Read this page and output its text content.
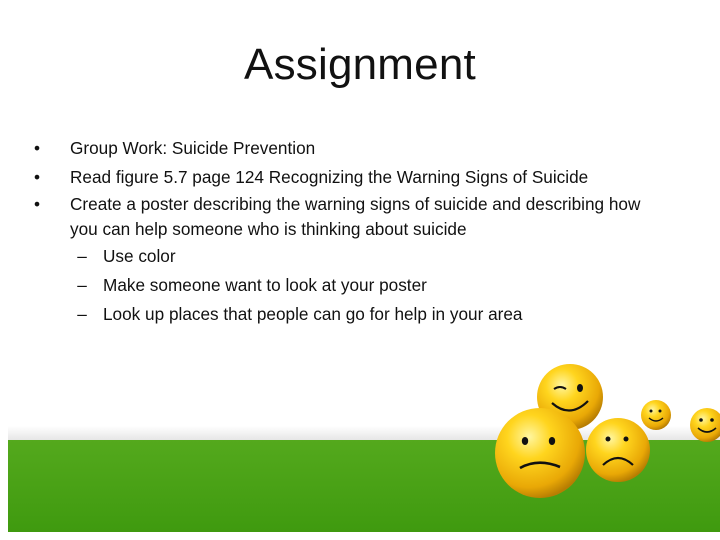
Assignment
•	Group Work: Suicide Prevention
•	Read figure 5.7 page 124 Recognizing the Warning Signs of Suicide
•	Create a poster describing the warning signs of suicide and describing how
you can help someone who is thinking about suicide
– Use color
– Make someone want to look at your poster
– Look up places that people can go for help in your area
